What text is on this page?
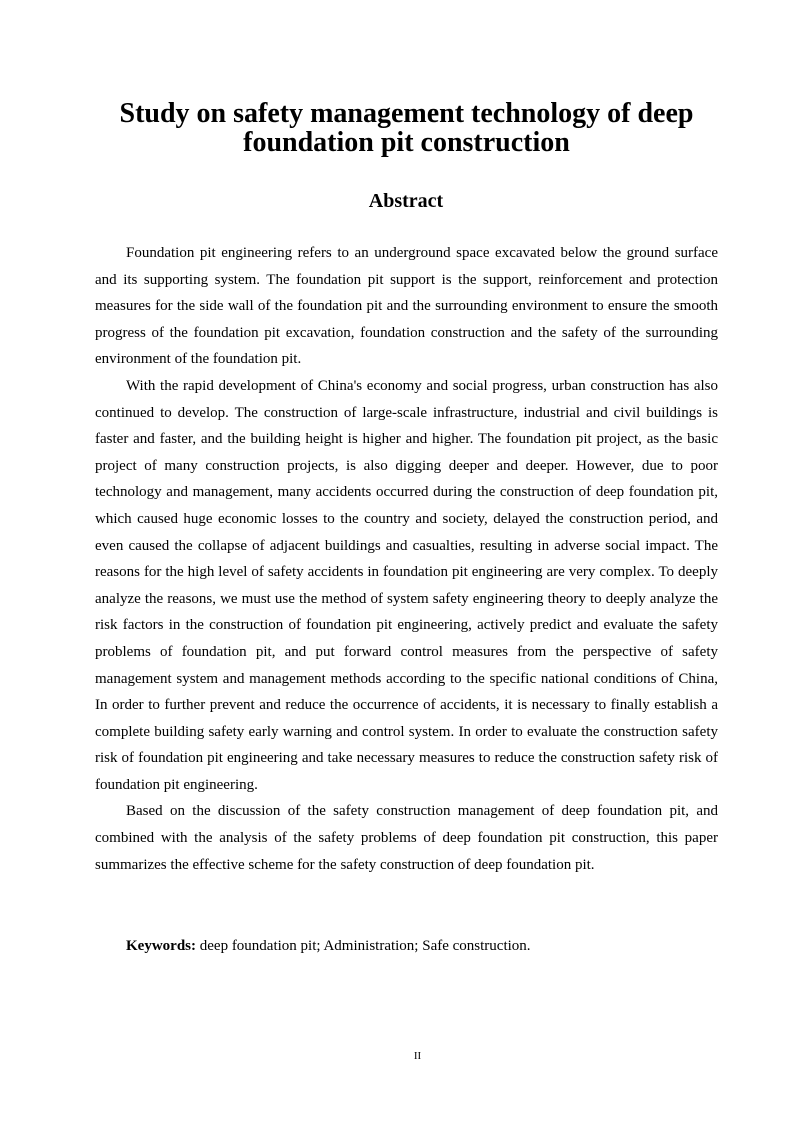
Study on safety management technology of deep foundation pit construction
Abstract

Foundation pit engineering refers to an underground space excavated below the ground surface and its supporting system. The foundation pit support is the support, reinforcement and protection measures for the side wall of the foundation pit and the surrounding environment to ensure the smooth progress of the foundation pit excavation, foundation construction and the safety of the surrounding environment of the foundation pit.

With the rapid development of China's economy and social progress, urban construction has also continued to develop. The construction of large-scale infrastructure, industrial and civil buildings is faster and faster, and the building height is higher and higher. The foundation pit project, as the basic project of many construction projects, is also digging deeper and deeper. However, due to poor technology and management, many accidents occurred during the construction of deep foundation pit, which caused huge economic losses to the country and society, delayed the construction period, and even caused the collapse of adjacent buildings and casualties, resulting in adverse social impact. The reasons for the high level of safety accidents in foundation pit engineering are very complex. To deeply analyze the reasons, we must use the method of system safety engineering theory to deeply analyze the risk factors in the construction of foundation pit engineering, actively predict and evaluate the safety problems of foundation pit, and put forward control measures from the perspective of safety management system and management methods according to the specific national conditions of China, In order to further prevent and reduce the occurrence of accidents, it is necessary to finally establish a complete building safety early warning and control system. In order to evaluate the construction safety risk of foundation pit engineering and take necessary measures to reduce the construction safety risk of foundation pit engineering.

Based on the discussion of the safety construction management of deep foundation pit, and combined with the analysis of the safety problems of deep foundation pit construction, this paper summarizes the effective scheme for the safety construction of deep foundation pit.

Keywords: deep foundation pit; Administration; Safe construction.

II
